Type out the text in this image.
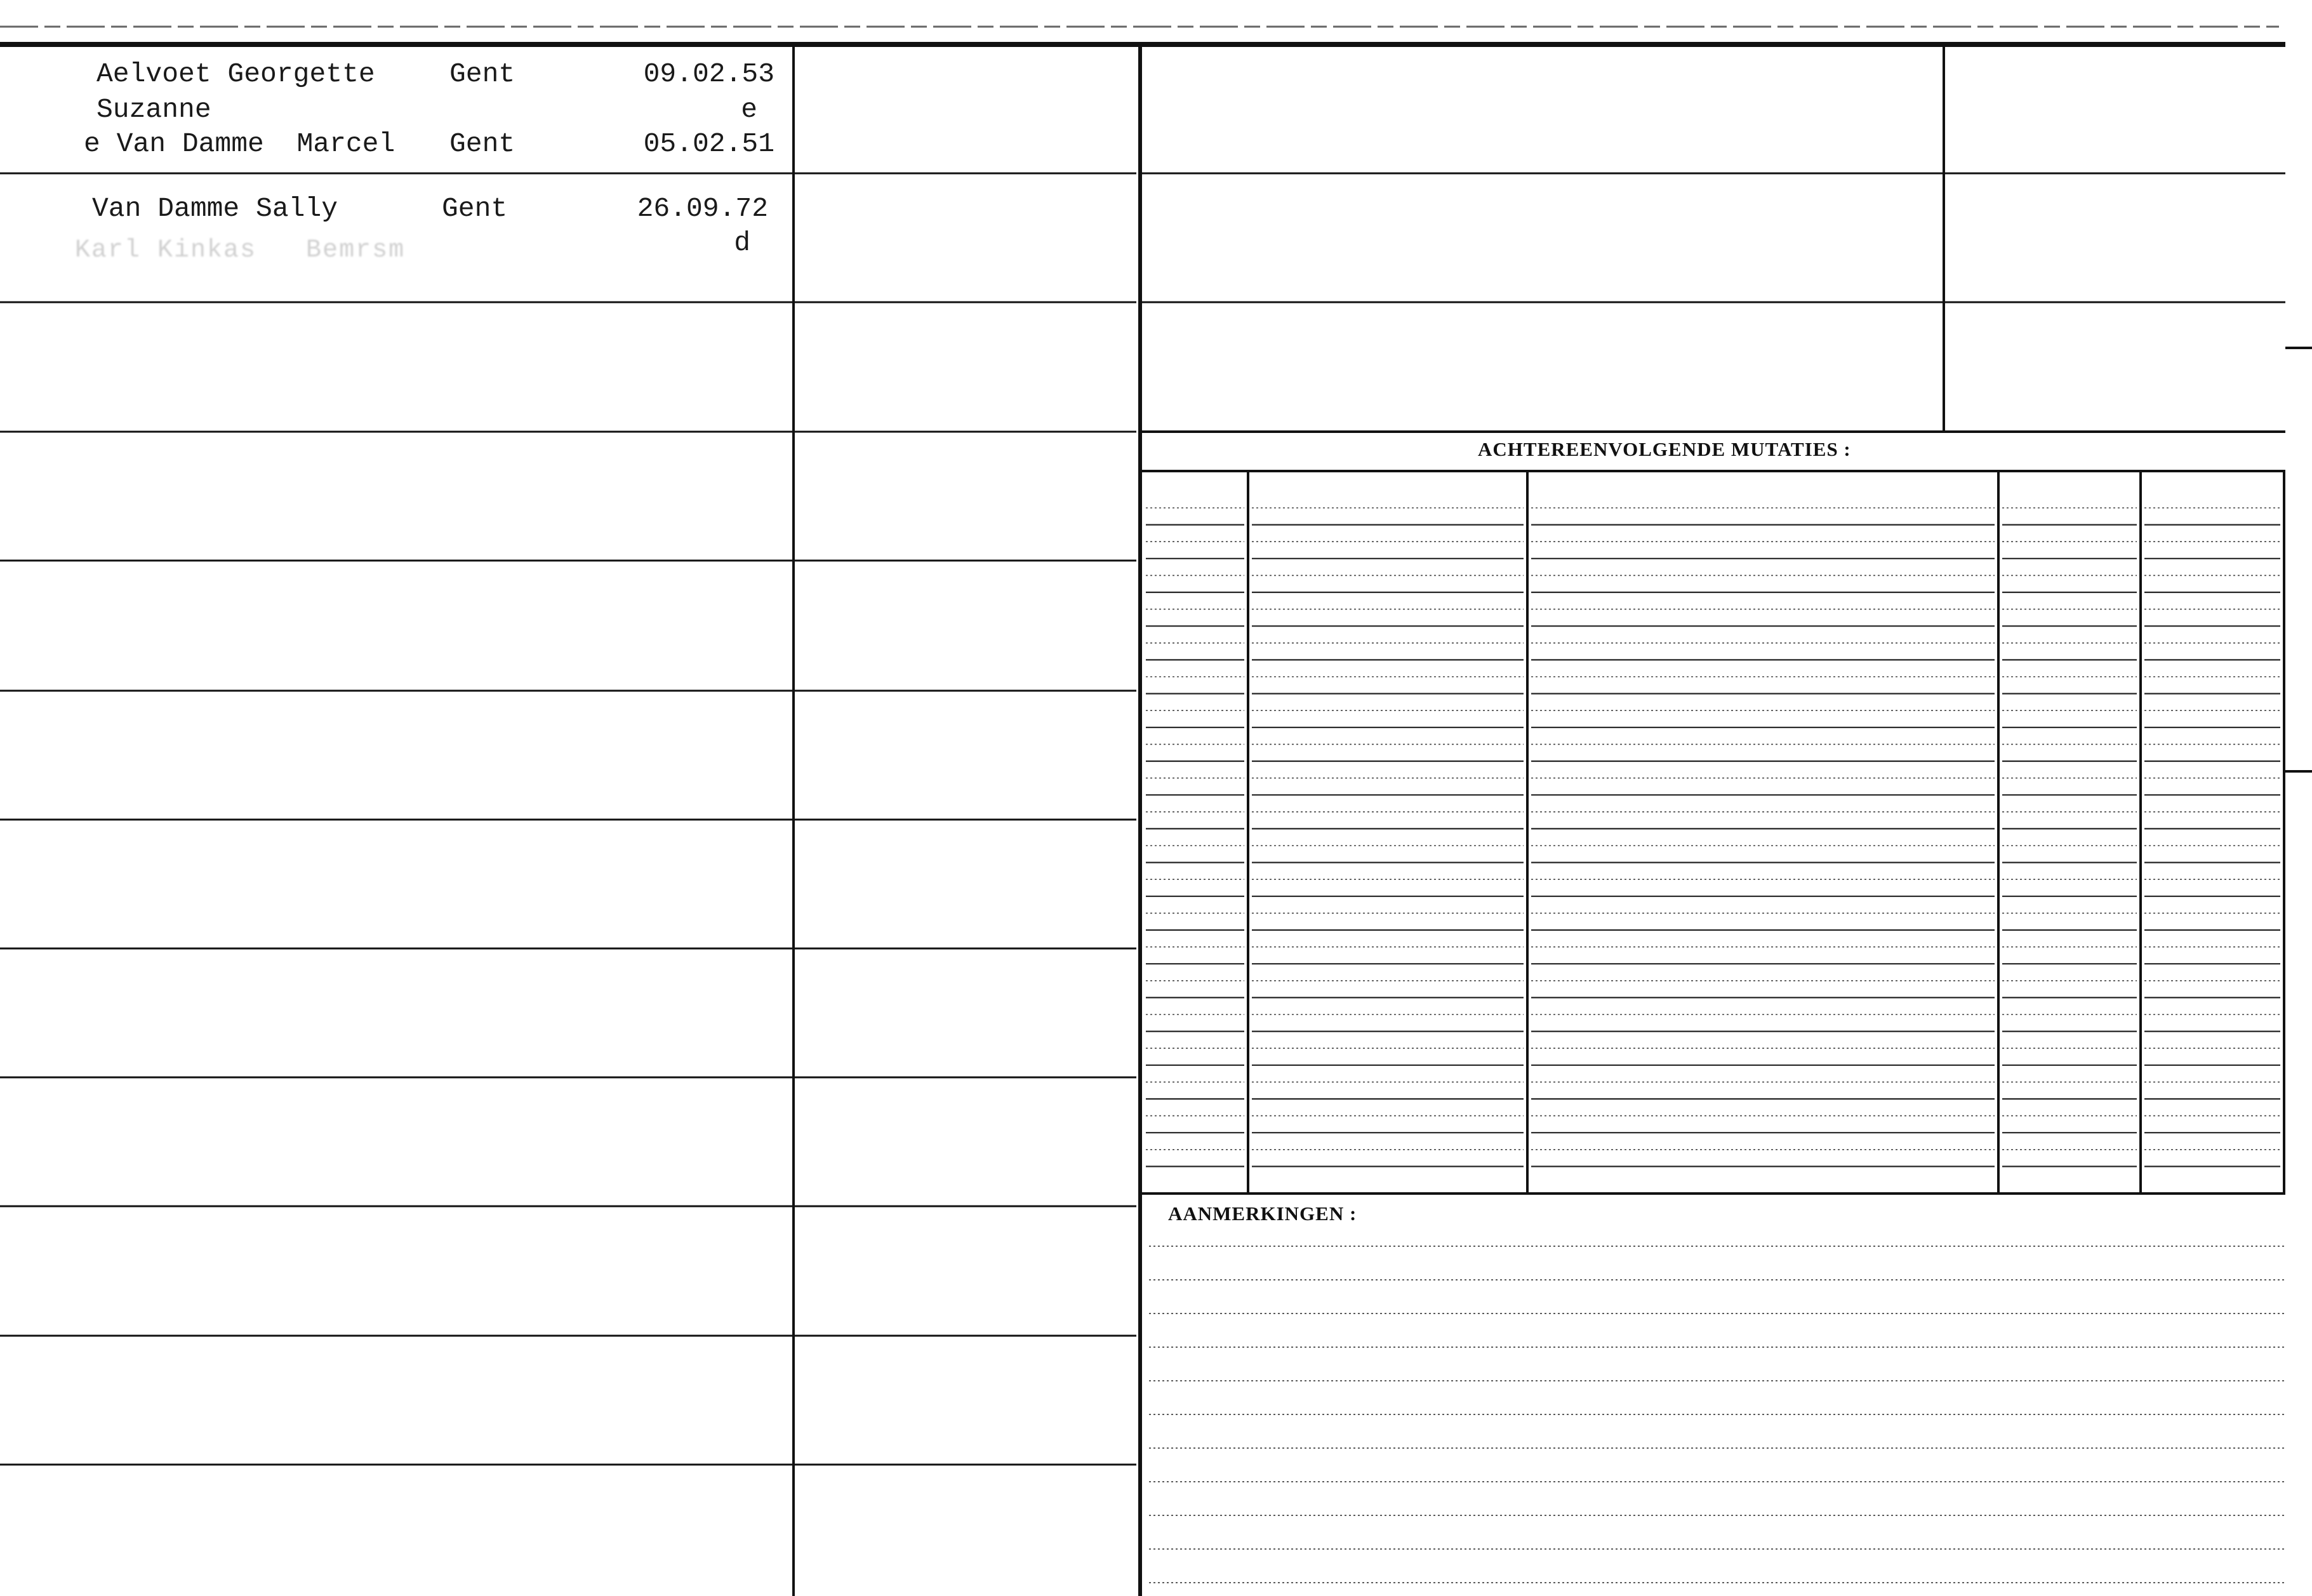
Aelvoet Georgette	Gent	09.02.53
Suzanne	e
e Van Damme  Marcel Gent	05.02.51
Van Damme Sally	Gent	26.09.72
d
Karl Kinkas   Bemrsm
ACHTEREENVOLGENDE MUTATIES :
AANMERKINGEN :
